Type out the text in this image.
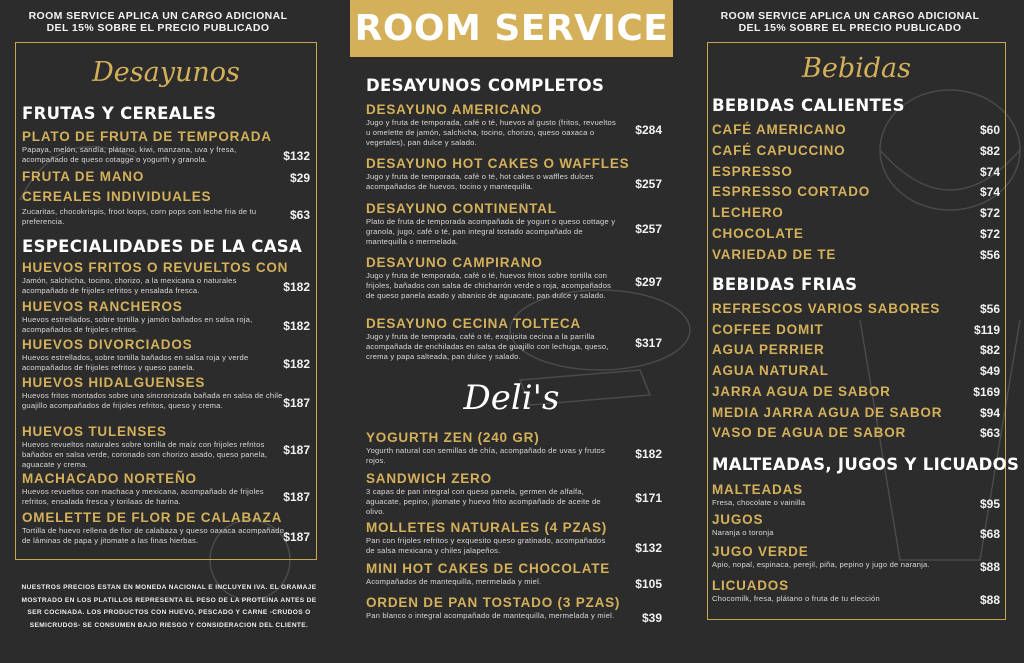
ROOM SERVICE APLICA UN CARGO ADICIONAL
DEL 15% SOBRE EL PRECIO PUBLICADO
ROOM SERVICE APLICA UN CARGO ADICIONAL
DEL 15% SOBRE EL PRECIO PUBLICADO
ROOM SERVICE
Desayunos
FRUTAS Y CEREALES
PLATO DE FRUTA DE TEMPORADA
Papaya, melón, sandía, plátano, kiwi, manzana, uva y fresa, acompañado de queso cotagge o yogurth y granola.	$132
FRUTA DE MANO	$29
CEREALES INDIVIDUALES
Zucaritas, chocokrispis, froot loops, corn pops con leche fria de tu preferencia.	$63
ESPECIALIDADES DE LA CASA
HUEVOS FRITOS O REVUELTOS CON
Jamón, salchicha, tocino, chorizo, a la mexicana o naturales acompañado de frijoles refritos y ensalada fresca.	$182
HUEVOS RANCHEROS
Huevos estrellados, sobre tortilla y jamón bañados en salsa roja, acompañados de frijoles refritos.	$182
HUEVOS DIVORCIADOS
Huevos estrellados, sobre tortilla bañados en salsa roja y verde acompañados de frijoles refritos y queso panela.	$182
HUEVOS HIDALGUENSES
Huevos fritos montados sobre una sincronizada bañada en salsa de chile guajillo acompañados de frijoles refritos, queso y crema.	$187
HUEVOS TULENSES
Huevos revueltos naturales sobre tortilla de maíz con frijoles refritos bañados en salsa verde, coronado con chorizo asado, queso panela, aguacate y crema.
$187
MACHACADO NORTEÑO
Huevos revueltos con machaca y mexicana, acompañado de frijoles refritos, ensalada fresca y torilaas de harina.	$187
OMELETTE DE FLOR DE CALABAZA
Tortilla de huevo rellena de flor de calabaza y queso oaxaca acompañado de láminas de papa y jitomate a las finas hierbas.	$187
NUESTROS PRECIOS ESTAN EN MONEDA NACIONAL E INCLUYEN IVA. EL GRAMAJE MOSTRADO EN LOS PLATILLOS REPRESENTA EL PESO DE LA PROTEINA ANTES DE SER COCINADA. LOS PRODUCTOS CON HUEVO, PESCADO Y CARNE -CRUDOS O SEMICRUDOS- SE CONSUMEN BAJO RIESGO Y CONSIDERACION DEL CLIENTE.
DESAYUNOS COMPLETOS
DESAYUNO AMERICANO
Jugo y fruta de temporada, café o té, huevos al gusto (fritos, revueltos u omelette de jamón, salchicha, tocino, chorizo, queso oaxaca o vegetales), pan dulce y salado.
$284
DESAYUNO HOT CAKES O WAFFLES
Jugo y fruta de temporada, café o té, hot cakes o waffles dulces acompañados de huevos, tocino y mantequilla.	$257
DESAYUNO CONTINENTAL
Plato de fruta de temporada acompañada de yogurt o queso cottage y granola, jugo, café o té, pan integral tostado acompañado de mantequilla o mermelada.
$257
DESAYUNO CAMPIRANO
Jugo y fruta de temporada, café o té, huevos fritos sobre tortilla con frijoles, bañados con salsa de chicharrón verde o roja, acompañados de queso panela asado y abanico de aguacate, pan dulce y salado.
$297
DESAYUNO CECINA TOLTECA
Jugo y fruta de temprada, café o té, exquisita cecina a la parrilla acompañada de enchiladas en salsa de guajillo con lechuga, queso, crema y papa salteada, pan dulce y salado.
$317
Deli's
YOGURTH ZEN (240 GR)
Yogurth natural con semillas de chía, acompañado de uvas y frutos rojos.	$182
SANDWICH ZERO
3 capas de pan integral con queso panela, germen de alfalfa, aguacate, pepino, jitomate y huevo frito acompañado de aceite de olivo.
$171
MOLLETES NATURALES (4 PZAS)
Pan con frijoles refritos y exquesito queso gratinado, acompañados de salsa mexicana y chiles jalapeños.	$132
MINI HOT CAKES DE CHOCOLATE
Acompañados de mantequilla, mermelada y miel.	$105
ORDEN DE PAN TOSTADO (3 PZAS)
Pan blanco o integral acompañado de mantequilla, mermelada y miel.	$39
Bebidas
BEBIDAS CALIENTES
CAFÉ AMERICANO	$60
CAFÉ CAPUCCINO	$82
ESPRESSO	$74
ESPRESSO CORTADO	$74
LECHERO	$72
CHOCOLATE	$72
VARIEDAD DE TE	$56
BEBIDAS FRIAS
REFRESCOS VARIOS SABORES	$56
COFFEE DOMIT	$119
AGUA PERRIER	$82
AGUA NATURAL	$49
JARRA AGUA DE SABOR	$169
MEDIA JARRA AGUA DE SABOR	$94
VASO DE AGUA DE SABOR	$63
MALTEADAS, JUGOS Y LICUADOS
MALTEADAS
Fresa, chocolate o vainilla	$95
JUGOS
Naranja o toronja	$68
JUGO VERDE
Apio, nopal, espinaca, perejil, piña, pepino y jugo de naranja.	$88
LICUADOS
Chocomilk, fresa, plátano o fruta de tu elección	$88
